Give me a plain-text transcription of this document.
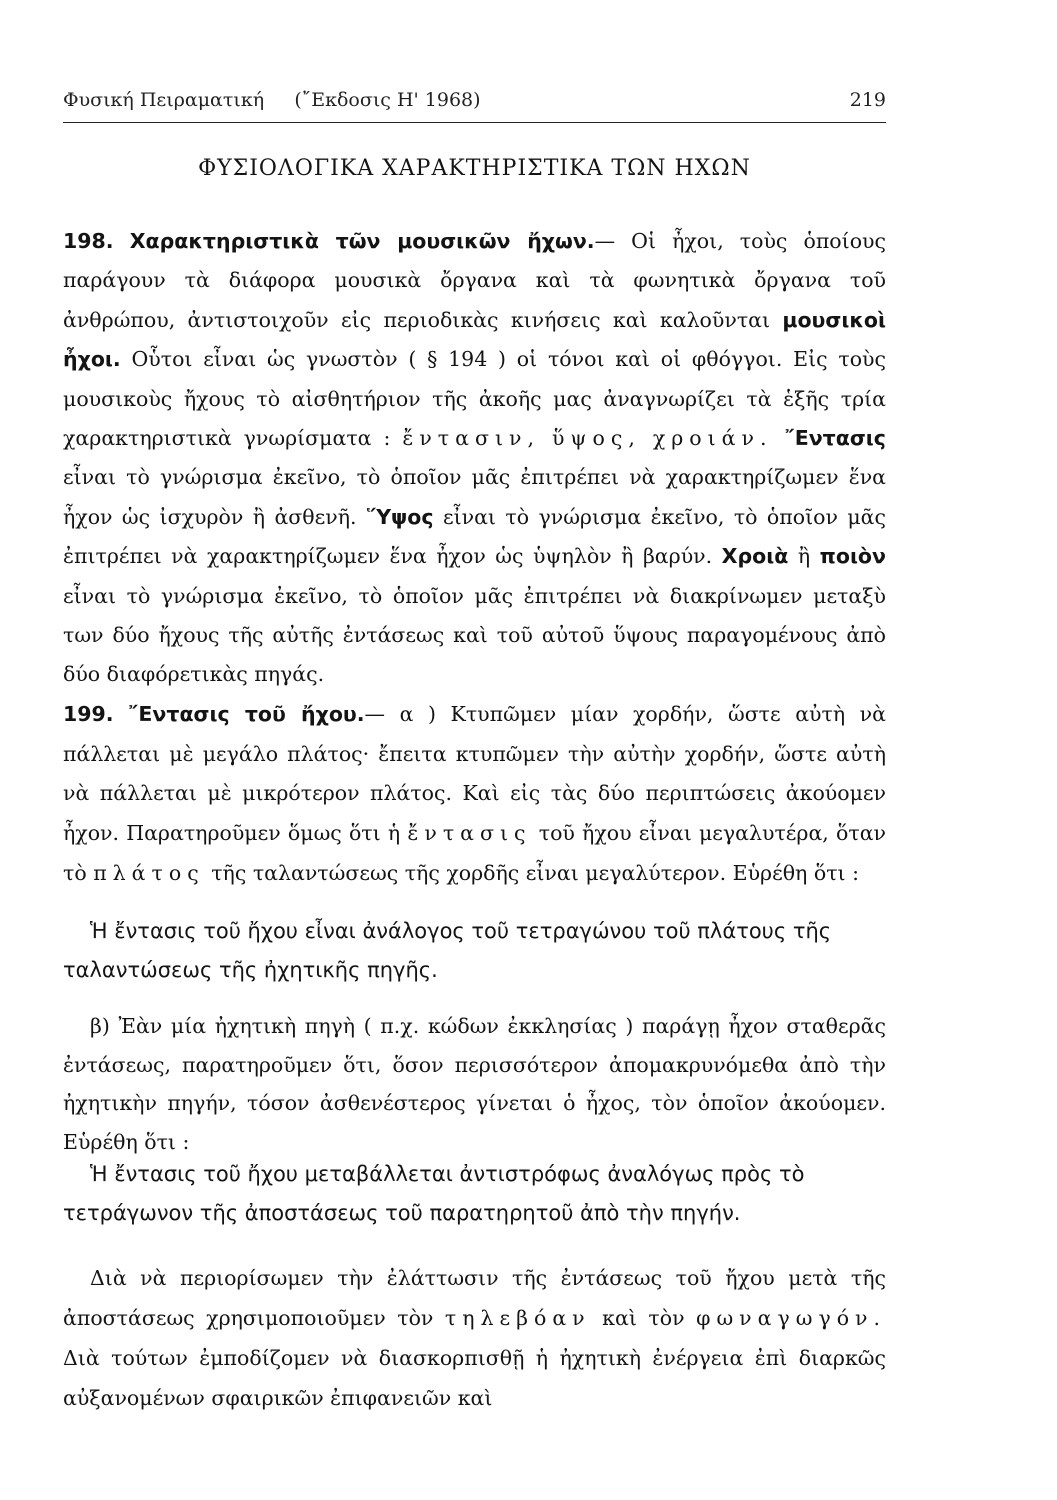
Φυσική Πειραματική (῎Εκδοσις Η' 1968)	219
ΦΥΣΙΟΛΟΓΙΚΑ ΧΑΡΑΚΤΗΡΙΣΤΙΚΑ ΤΩΝ ΗΧΩΝ

198. Χαρακτηριστικὰ τῶν μουσικῶν ἤχων.— Οἱ ἦχοι, τοὺς ὁποίους παράγουν τὰ διάφορα μουσικὰ ὄργανα καὶ τὰ φωνητικὰ ὄργανα τοῦ ἀνθρώπου, ἀντιστοιχοῦν εἰς περιοδικὰς κινήσεις καὶ καλοῦνται μουσικοὶ ἦχοι. Οὗτοι εἶναι ὡς γνωστὸν ( § 194 ) οἱ τόνοι καὶ οἱ φθόγγοι. Εἰς τοὺς μουσικοὺς ἤχους τὸ αἰσθητήριον τῆς ἀκοῆς μας ἀναγνωρίζει τὰ ἑξῆς τρία χαρακτηριστικὰ γνωρίσματα : ἔντασιν, ὕψος, χροιάν. ῎Εντασις εἶναι τὸ γνώρισμα ἐκεῖνο, τὸ ὁποῖον μᾶς ἐπιτρέπει νὰ χαρακτηρίζωμεν ἕνα ἦχον ὡς ἰσχυρὸν ἢ ἀσθενῆ. ῞Υψος εἶναι τὸ γνώρισμα ἐκεῖνο, τὸ ὁποῖον μᾶς ἐπιτρέπει νὰ χαρακτηρίζωμεν ἕνα ἦχον ὡς ὑψηλὸν ἢ βαρύν. Χροιὰ ἢ ποιὸν εἶναι τὸ γνώρισμα ἐκεῖνο, τὸ ὁποῖον μᾶς ἐπιτρέπει νὰ διακρίνωμεν μεταξὺ των δύο ἤχους τῆς αὐτῆς ἐντάσεως καὶ τοῦ αὐτοῦ ὕψους παραγομένους ἀπὸ δύο διαφόρετικὰς πηγάς.

199. ῎Εντασις τοῦ ἤχου.— α ) Κτυπῶμεν μίαν χορδήν, ὥστε αὐτὴ νὰ πάλλεται μὲ μεγάλο πλάτος· ἔπειτα κτυπῶμεν τὴν αὐτὴν χορδήν, ὥστε αὐτὴ νὰ πάλλεται μὲ μικρότερον πλάτος. Καὶ εἰς τὰς δύο περιπτώσεις ἀκούομεν ἦχον. Παρατηροῦμεν ὅμως ὅτι ἡ ἔντασις τοῦ ἤχου εἶναι μεγαλυτέρα, ὅταν τὸ πλάτος τῆς ταλαντώσεως τῆς χορδῆς εἶναι μεγαλύτερον. Εὑρέθη ὅτι :

Ἡ ἔντασις τοῦ ἤχου εἶναι ἀνάλογος τοῦ τετραγώνου τοῦ πλάτους τῆς ταλαντώσεως τῆς ἠχητικῆς πηγῆς.

β) Ἐὰν μία ἠχητικὴ πηγὴ ( π.χ. κώδων ἐκκλησίας ) παράγῃ ἦχον σταθερᾶς ἐντάσεως, παρατηροῦμεν ὅτι, ὅσον περισσότερον ἀπομακρυνόμεθα ἀπὸ τὴν ἠχητικὴν πηγήν, τόσον ἀσθενέστερος γίνεται ὁ ἦχος, τὸν ὁποῖον ἀκούομεν. Εὑρέθη ὅτι :

Ἡ ἔντασις τοῦ ἤχου μεταβάλλεται ἀντιστρόφως ἀναλόγως πρὸς τὸ τετράγωνον τῆς ἀποστάσεως τοῦ παρατηρητοῦ ἀπὸ τὴν πηγήν.

Διὰ νὰ περιορίσωμεν τὴν ἐλάττωσιν τῆς ἐντάσεως τοῦ ἤχου μετὰ τῆς ἀποστάσεως χρησιμοποιοῦμεν τὸν τηλεβόαν καὶ τὸν φωναγωγόν. Διὰ τούτων ἐμποδίζομεν νὰ διασκορπισθῇ ἡ ἠχητικὴ ἐνέργεια ἐπὶ διαρκῶς αὐξανομένων σφαιρικῶν ἐπιφανειῶν καὶ
